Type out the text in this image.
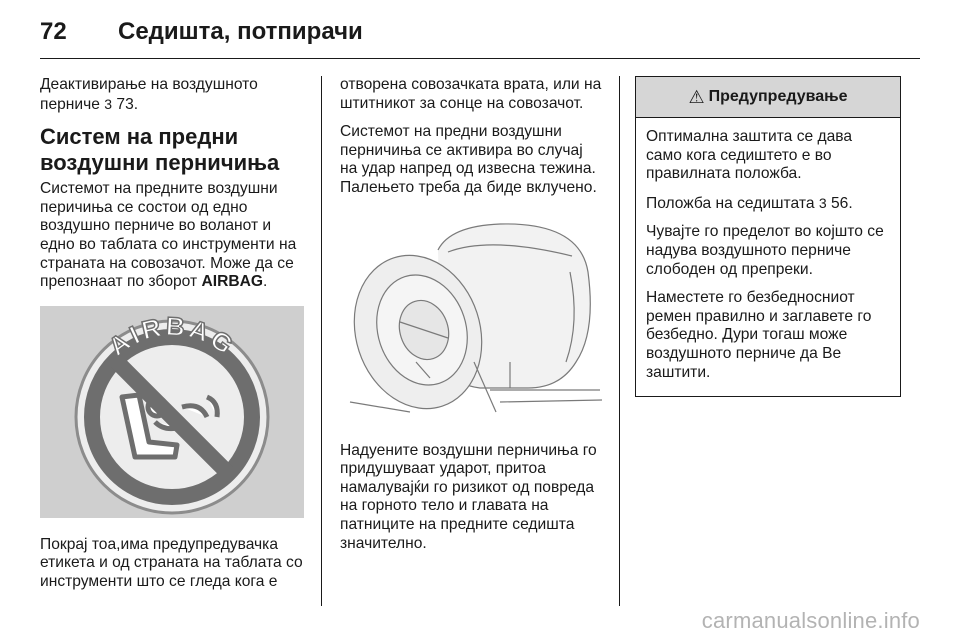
72	Седишта, потпирачи

Деактивирање на воздушното перниче 3 73.

Систем на предни воздушни перничиња

Системот на предните воздушни перичиња се состои од едно воздушно перниче во воланот и едно во таблата со инструменти на страната на совозачот. Може да се препознаат по зборот AIRBAG.

AIRBAG

Покрај тоа,има предупредувачка етикета и од страната на таблата со инструменти што се гледа кога е

отворена совозачката врата, или на штитникот за сонце на совозачот.

Системот на предни воздушни перничиња се активира во случај на удар напред од извесна тежина. Палењето треба да биде вклучено.

Надуените воздушни перничиња го придушуваат ударот, притоа намалуваjќи го ризикот од повреда на горното тело и главата на патниците на предните седишта значително.

⚠ Предупредување

Оптимална заштита се дава само кога седиштето е во правилната положба.

Положба на седиштата 3 56.

Чувајте го пределот во којшто се надува воздушното перниче слободен од препреки.

Наместете го безбедносниот ремен правилно и заглавете го безбедно. Дури тогаш може воздушното перниче да Ве заштити.

carmanualsonline.info
